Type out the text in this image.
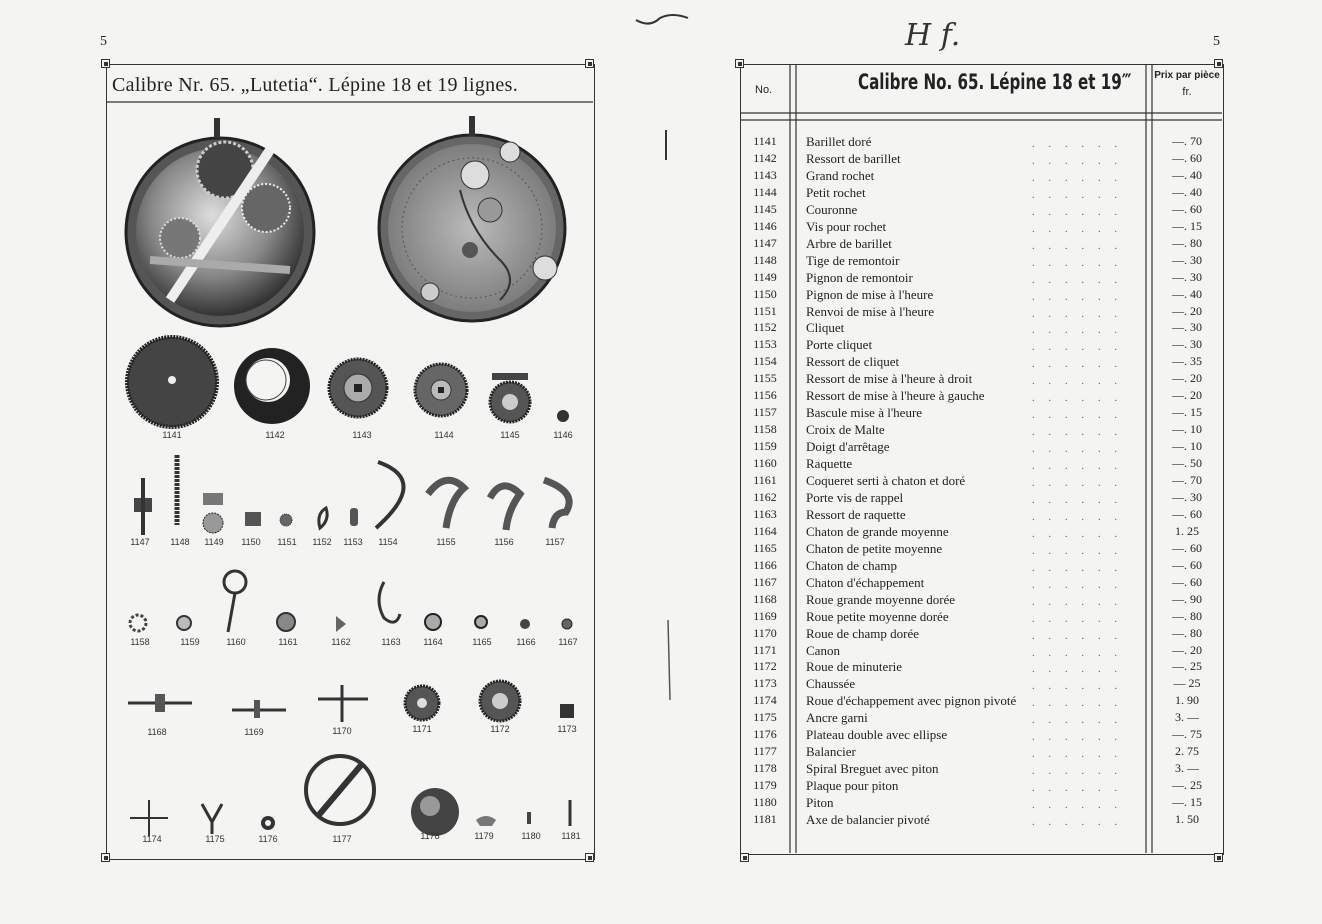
5
Calibre Nr. 65. „Lutetia“. Lépine 18 et 19 lignes.
1141	1142	1143	1144	1145	1146
1147	1148	1149	1150	1151	1152	1153	1154	1155	1156	1157
1158	1159	1160	1161	1162	1163	1164	1165	1166	1167
1168	1169	1170	1171	1172	1173
1174	1175	1176	1177	1178	1179	1180	1181
H f.	5
No.	Calibre No. 65. Lépine 18 et 19‴ Prix par pièce
fr.
1141	Barillet doré	......	—. 70
1142	Ressort de barillet	......	—. 60
1143	Grand rochet	......	—. 40
1144	Petit rochet	......	—. 40
1145	Couronne	......	—. 60
1146	Vis pour rochet	......	—. 15
1147	Arbre de barillet	......	—. 80
1148	Tige de remontoir	......	—. 30
1149	Pignon de remontoir	......	—. 30
1150	Pignon de mise à l'heure	......	—. 40
1151	Renvoi de mise à l'heure	......	—. 20
1152	Cliquet	......	—. 30
1153	Porte cliquet	......	—. 30
1154	Ressort de cliquet	......	—. 35
1155	Ressort de mise à l'heure à droit	......	—. 20
1156	Ressort de mise à l'heure à gauche	......	—. 20
1157	Bascule mise à l'heure	......	—. 15
1158	Croix de Malte	......	—. 10
1159	Doigt d'arrêtage	......	—. 10
1160	Raquette	......	—. 50
1161	Coqueret serti à chaton et doré	......	—. 70
1162	Porte vis de rappel	......	—. 30
1163	Ressort de raquette	......	—. 60
1164	Chaton de grande moyenne	......	1. 25
1165	Chaton de petite moyenne	......	—. 60
1166	Chaton de champ	......	—. 60
1167	Chaton d'échappement	......	—. 60
1168	Roue grande moyenne dorée	......	—. 90
1169	Roue petite moyenne dorée	......	—. 80
1170	Roue de champ dorée	......	—. 80
1171	Canon	......	—. 20
1172	Roue de minuterie	......	—. 25
1173	Chaussée	......	— 25
1174	Roue d'échappement avec pignon pivoté ......	1. 90
1175	Ancre garni	......	3. —
1176	Plateau double avec ellipse	......	—. 75
1177	Balancier	......	2. 75
1178	Spiral Breguet avec piton	......	3. —
1179	Plaque pour piton	......	—. 25
1180	Piton	......	—. 15
1181	Axe de balancier pivoté	......	1. 50
